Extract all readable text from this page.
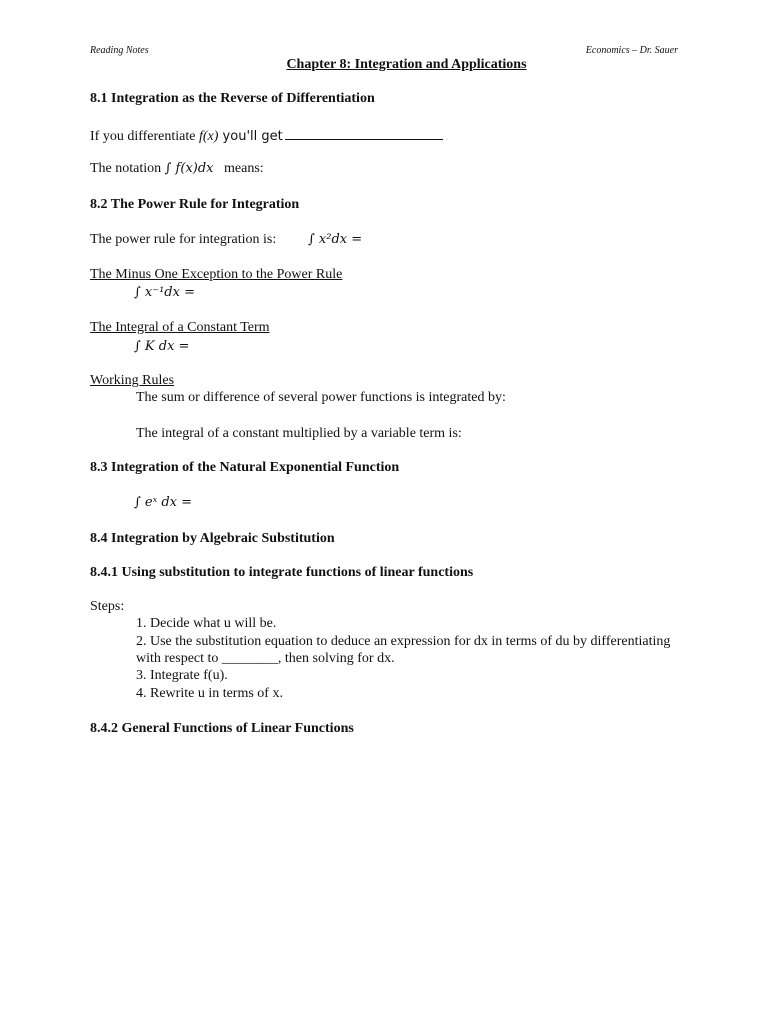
Reading Notes	Economics – Dr. Sauer
Chapter 8: Integration and Applications
8.1 Integration as the Reverse of Differentiation
If you differentiate f(x) you'll get	.
The notation ∫ f(x)dx means:
8.2 The Power Rule for Integration
The power rule for integration is: ∫ x²dx =
The Minus One Exception to the Power Rule
∫ x⁻¹dx =
The Integral of a Constant Term
∫ K dx =
Working Rules
The sum or difference of several power functions is integrated by:
The integral of a constant multiplied by a variable term is:
8.3 Integration of the Natural Exponential Function
∫ eˣ dx =
8.4 Integration by Algebraic Substitution
8.4.1 Using substitution to integrate functions of linear functions
Steps:
1. Decide what u will be.
2. Use the substitution equation to deduce an expression for dx in terms of du by differentiating
with respect to ________, then solving for dx.
3. Integrate f(u).
4. Rewrite u in terms of x.
8.4.2 General Functions of Linear Functions
